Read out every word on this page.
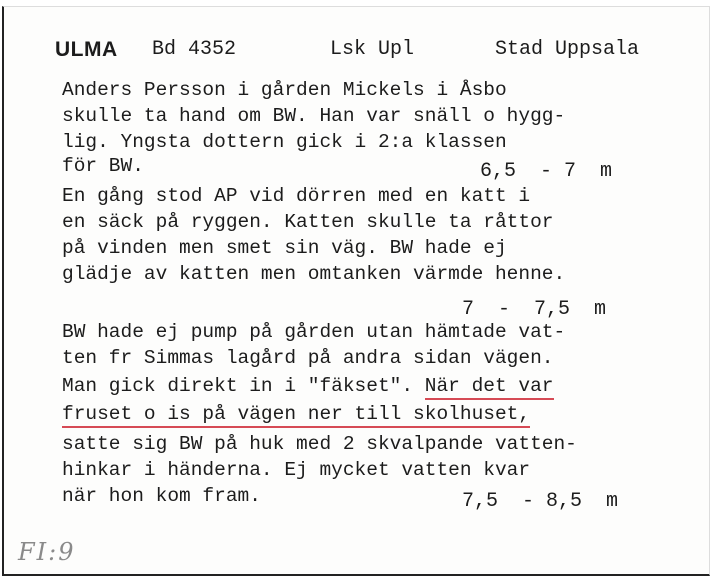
ULMA Bd 4352	Lsk Upl	Stad Uppsala
Anders Persson i gården Mickels i Åsbo
skulle ta hand om BW. Han var snäll o hygg-
lig. Yngsta dottern gick i 2:a klassen
för BW.	6,5  - 7  m
En gång stod AP vid dörren med en katt i
en säck på ryggen. Katten skulle ta råttor
på vinden men smet sin väg. BW hade ej
glädje av katten men omtanken värmde henne.
7  -  7,5  m
BW hade ej pump på gården utan hämtade vat-
ten fr Simmas lagård på andra sidan vägen.
Man gick direkt in i "fäkset". När det var
fruset o is på vägen ner till skolhuset,
satte sig BW på huk med 2 skvalpande vatten-
hinkar i händerna. Ej mycket vatten kvar
när hon kom fram.	7,5  - 8,5  m
FI:9
